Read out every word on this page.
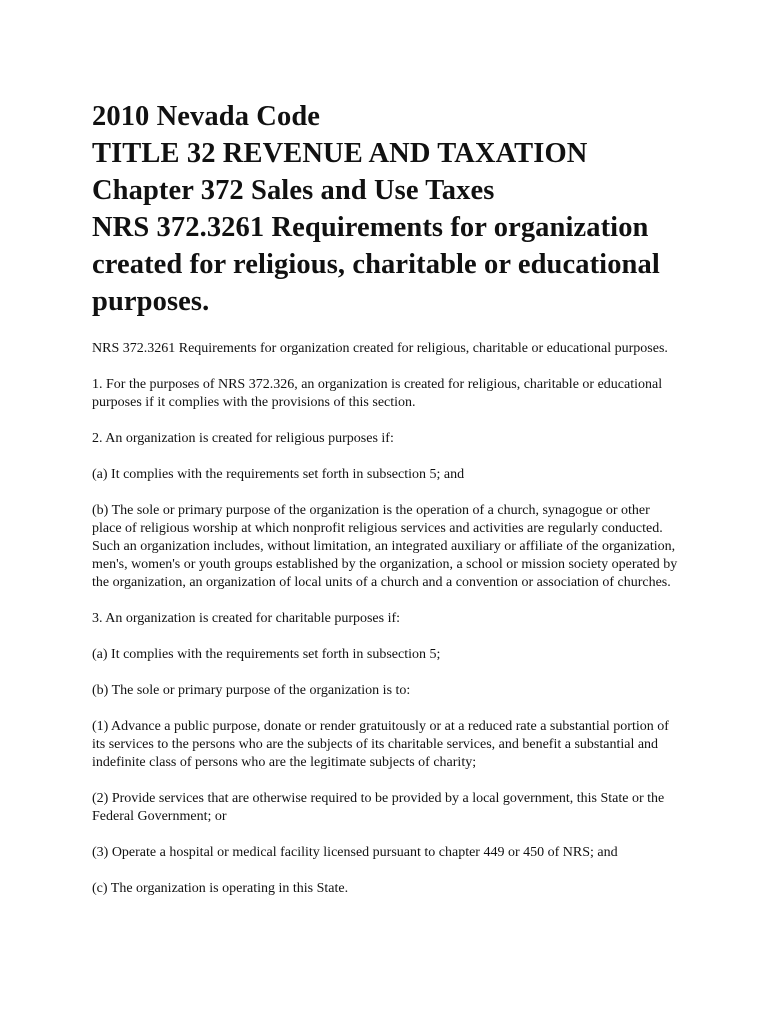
2010 Nevada Code
TITLE 32 REVENUE AND TAXATION
Chapter 372 Sales and Use Taxes
NRS 372.3261 Requirements for organization created for religious, charitable or educational purposes.

NRS 372.3261 Requirements for organization created for religious, charitable or educational purposes.

1. For the purposes of NRS 372.326, an organization is created for religious, charitable or educational purposes if it complies with the provisions of this section.

2. An organization is created for religious purposes if:

(a) It complies with the requirements set forth in subsection 5; and

(b) The sole or primary purpose of the organization is the operation of a church, synagogue or other place of religious worship at which nonprofit religious services and activities are regularly conducted. Such an organization includes, without limitation, an integrated auxiliary or affiliate of the organization, men's, women's or youth groups established by the organization, a school or mission society operated by the organization, an organization of local units of a church and a convention or association of churches.

3. An organization is created for charitable purposes if:

(a) It complies with the requirements set forth in subsection 5;

(b) The sole or primary purpose of the organization is to:

(1) Advance a public purpose, donate or render gratuitously or at a reduced rate a substantial portion of its services to the persons who are the subjects of its charitable services, and benefit a substantial and indefinite class of persons who are the legitimate subjects of charity;

(2) Provide services that are otherwise required to be provided by a local government, this State or the Federal Government; or

(3) Operate a hospital or medical facility licensed pursuant to chapter 449 or 450 of NRS; and

(c) The organization is operating in this State.
